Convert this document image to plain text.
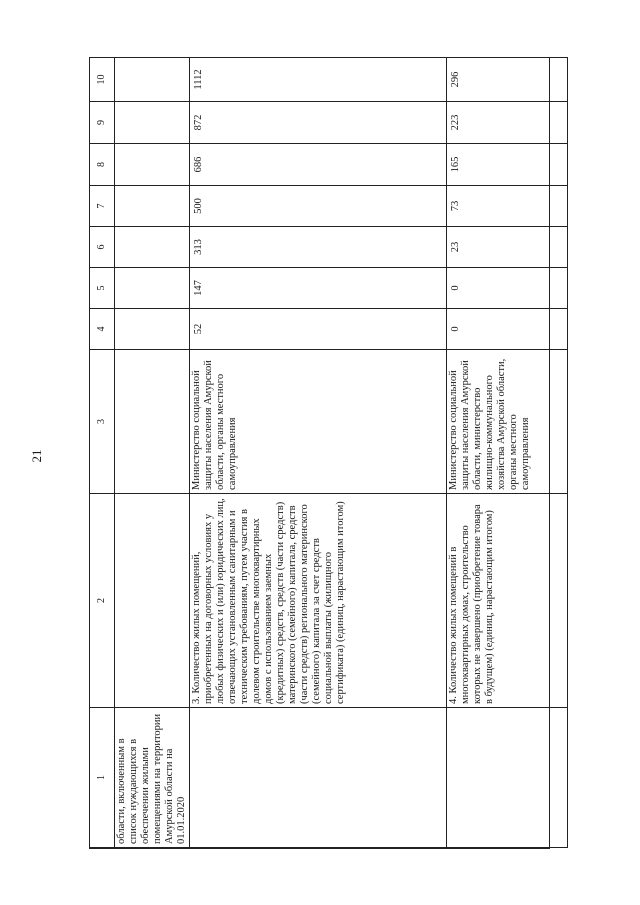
21
1	2	3	4	5	6	7	8	9	10
области, включенным в список нуждающихся в обеспечении жилыми помещениями на территории Амурской области на 01.01.2020									
	3. Количество жилых помещений, приобретенных на договорных условиях у любых физических и (или) юридических лиц, отвечающих установленным санитарным и техническим требованиям, путем участия в долевом строительстве многоквартирных домов с использованием заемных (кредитных) средств, средств (части средств) материнского (семейного) капитала, средств (части средств) регионального материнского (семейного) капитала за счет средств социальной выплаты (жилищного сертификата) (единиц, нарастающим итогом)	Министерство социальной защиты населения Амурской области, органы местного самоуправления	52	147	313	500	686	872	1112
	4. Количество жилых помещений в многоквартирных домах, строительство которых не завершено (приобретение товара в будущем) (единиц, нарастающим итогом)	Министерство социальной защиты населения Амурской области, министерство жилищно-коммунального хозяйства Амурской области, органы местного самоуправления	0	0	23	73	165	223	296
